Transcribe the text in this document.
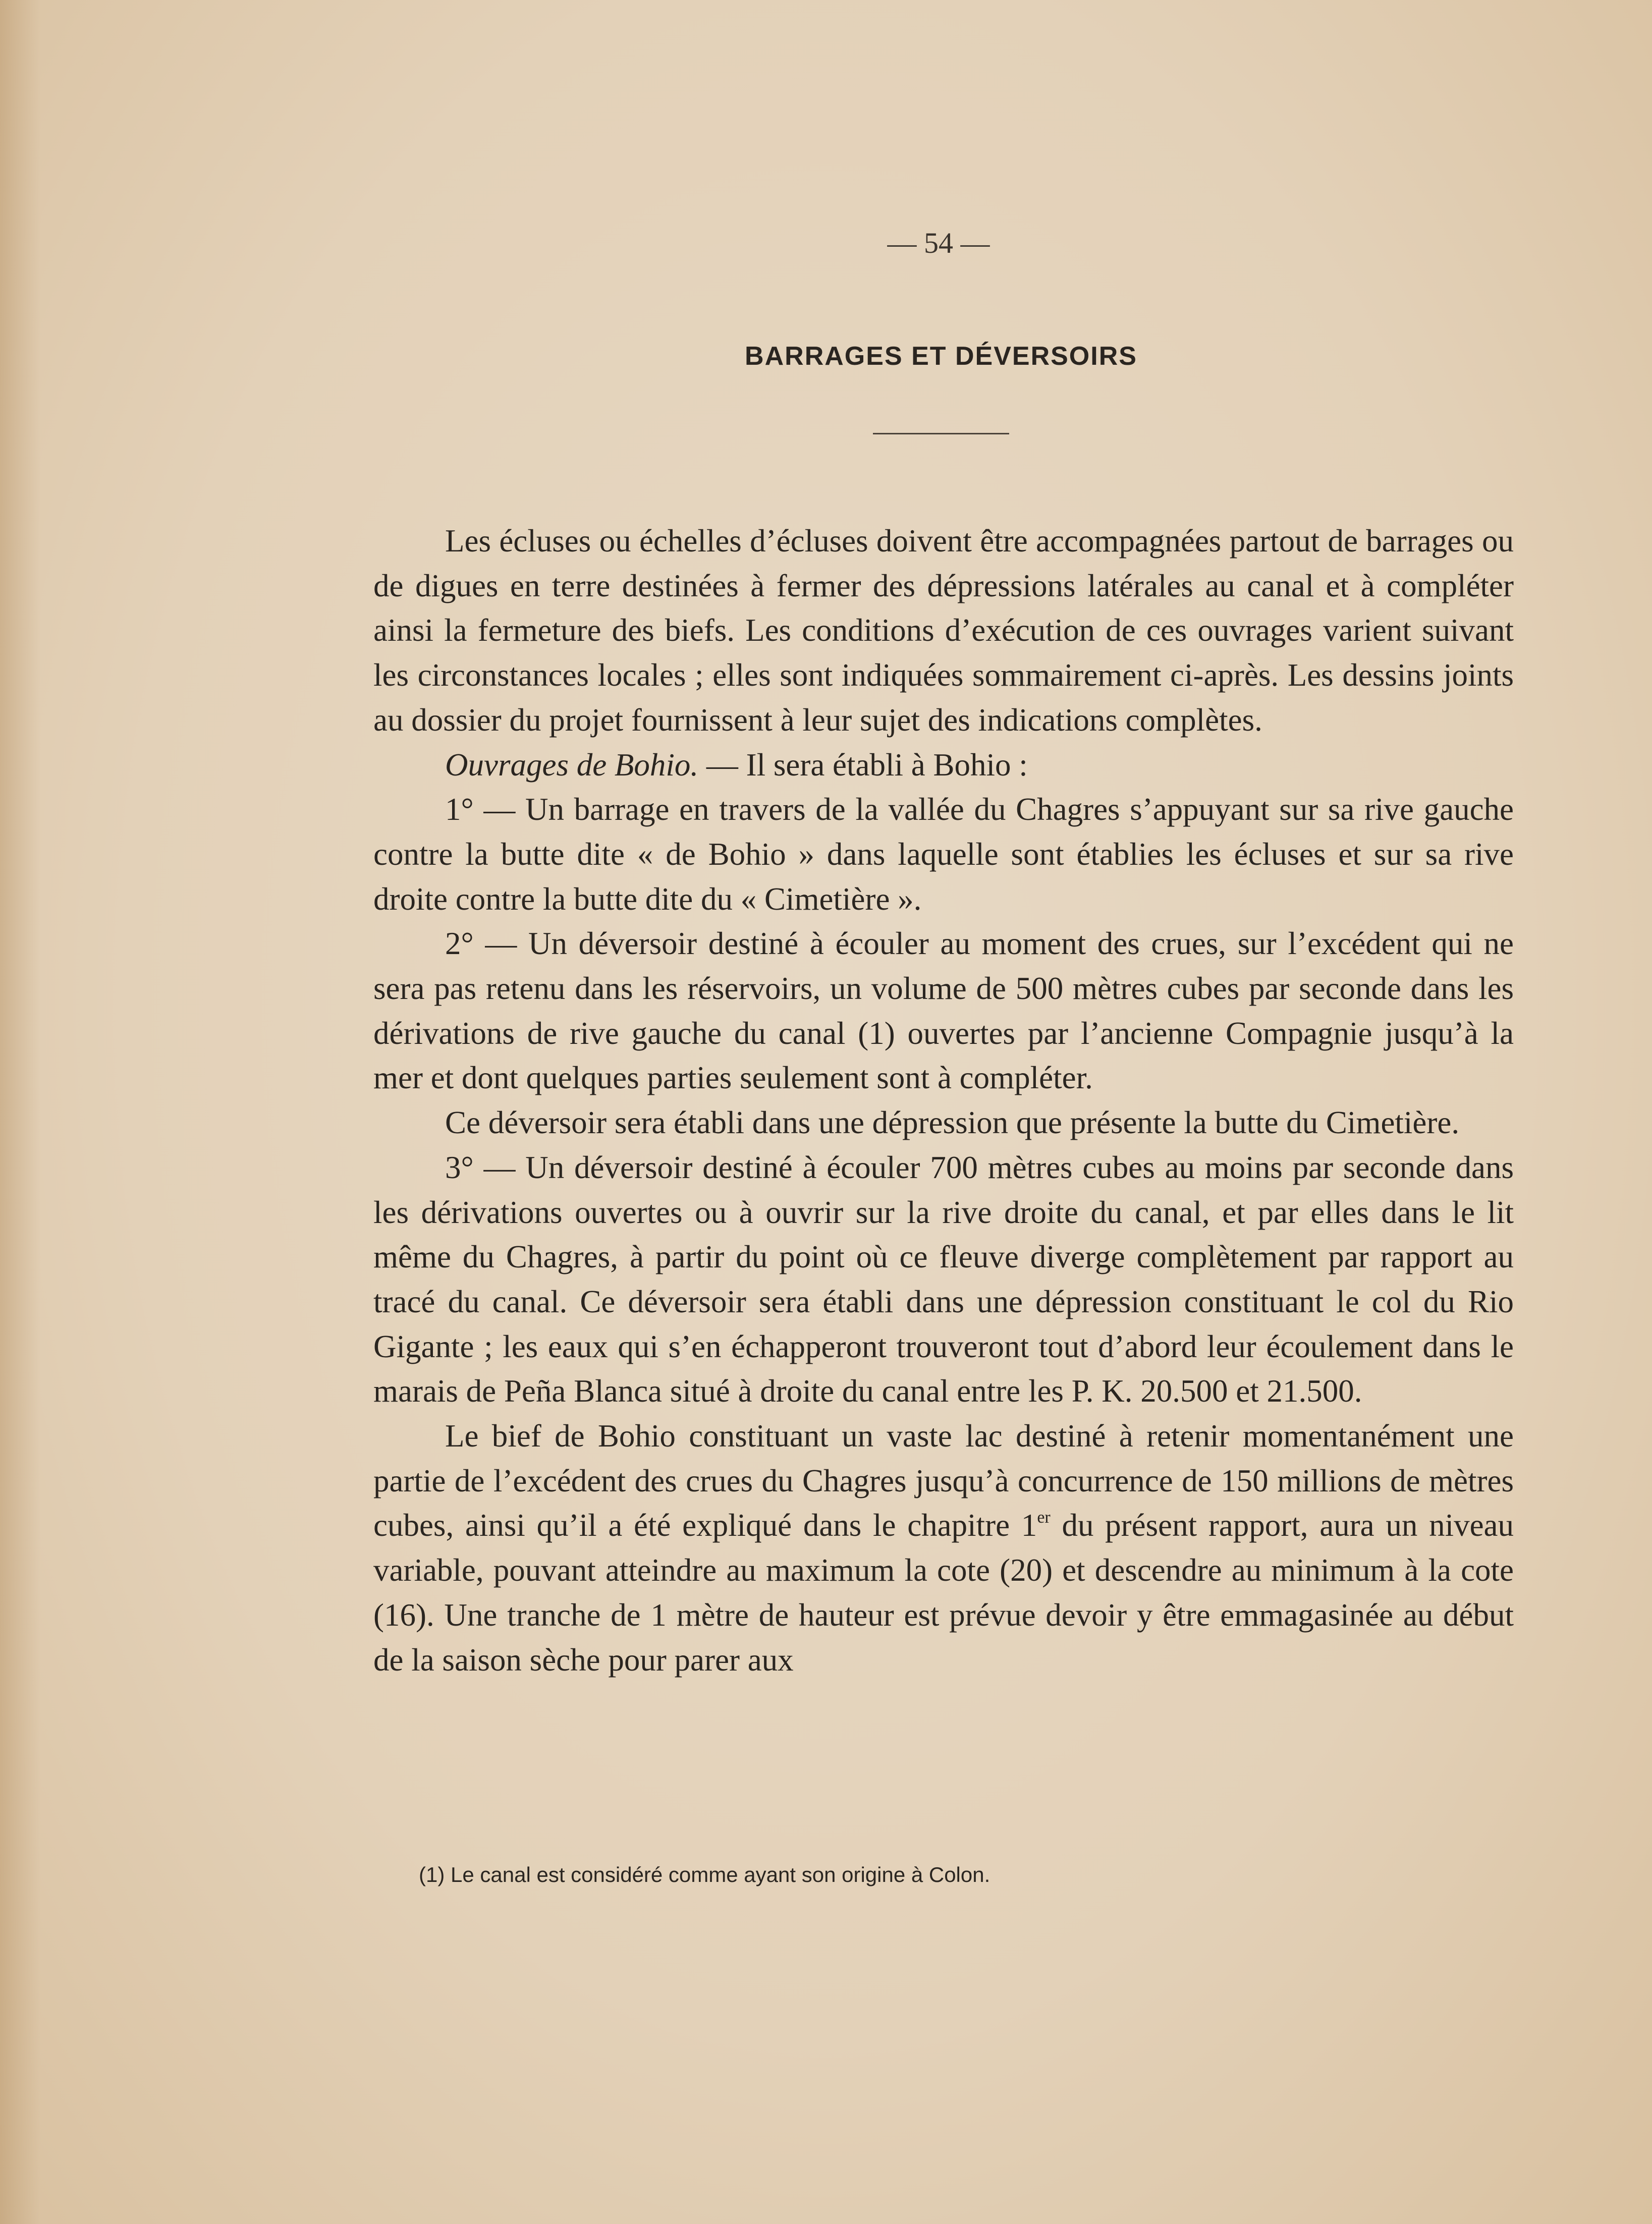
— 54 —
BARRAGES ET DÉVERSOIRS

Les écluses ou échelles d’écluses doivent être accompagnées partout de barrages ou de digues en terre destinées à fermer des dépressions latérales au canal et à compléter ainsi la fermeture des biefs. Les conditions d’exécution de ces ouvrages varient suivant les circonstances locales ; elles sont indiquées sommairement ci-après. Les dessins joints au dossier du projet fournissent à leur sujet des indications complètes.

Ouvrages de Bohio. — Il sera établi à Bohio :

1° — Un barrage en travers de la vallée du Chagres s’appuyant sur sa rive gauche contre la butte dite « de Bohio » dans laquelle sont établies les écluses et sur sa rive droite contre la butte dite du « Cimetière ».

2° — Un déversoir destiné à écouler au moment des crues, sur l’excédent qui ne sera pas retenu dans les réservoirs, un volume de 500 mètres cubes par seconde dans les dérivations de rive gauche du canal (1) ouvertes par l’ancienne Compagnie jusqu’à la mer et dont quelques parties seulement sont à compléter.

Ce déversoir sera établi dans une dépression que présente la butte du Cimetière.

3° — Un déversoir destiné à écouler 700 mètres cubes au moins par seconde dans les dérivations ouvertes ou à ouvrir sur la rive droite du canal, et par elles dans le lit même du Chagres, à partir du point où ce fleuve diverge complètement par rapport au tracé du canal. Ce déversoir sera établi dans une dépression constituant le col du Rio Gigante ; les eaux qui s’en échapperont trouveront tout d’abord leur écoulement dans le marais de Peña Blanca situé à droite du canal entre les P. K. 20.500 et 21.500.

Le bief de Bohio constituant un vaste lac destiné à retenir momentanément une partie de l’excédent des crues du Chagres jusqu’à concurrence de 150 millions de mètres cubes, ainsi qu’il a été expliqué dans le chapitre 1er du présent rapport, aura un niveau variable, pouvant atteindre au maximum la cote (20) et descendre au minimum à la cote (16). Une tranche de 1 mètre de hauteur est prévue devoir y être emmagasinée au début de la saison sèche pour parer aux

(1) Le canal est considéré comme ayant son origine à Colon.
